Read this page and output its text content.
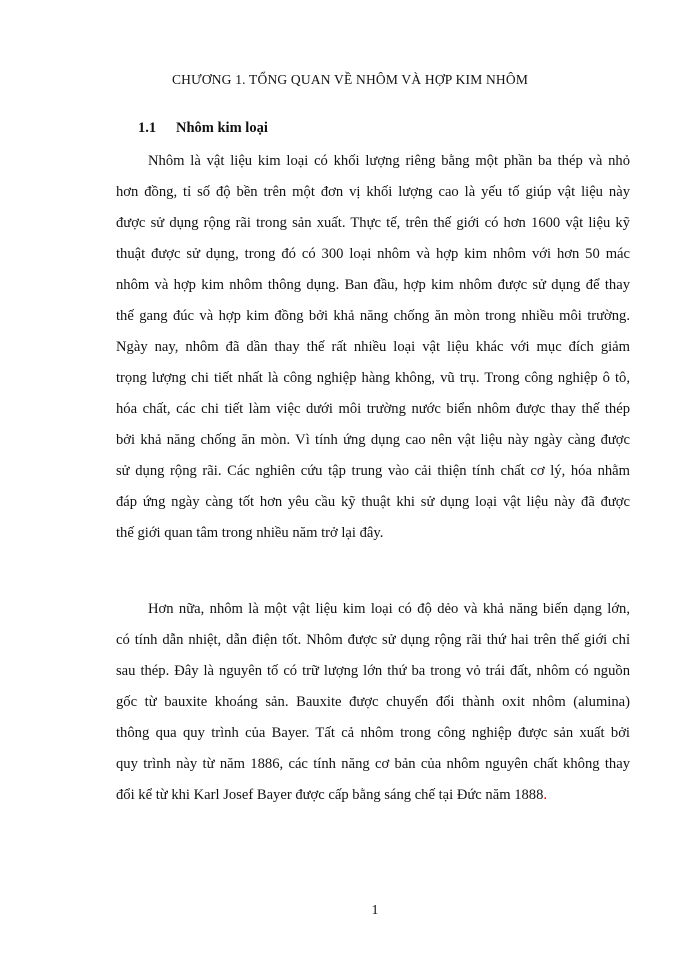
CHƯƠNG 1. TỔNG QUAN VỀ NHÔM VÀ HỢP KIM NHÔM
1.1 Nhôm kim loại
Nhôm là vật liệu kim loại có khối lượng riêng bằng một phần ba thép và nhỏ
hơn đồng, tỉ số độ bền trên một đơn vị khối lượng cao là yếu tố giúp vật liệu này
được sử dụng rộng rãi trong sản xuất. Thực tế, trên thế giới có hơn 1600 vật liệu kỹ
thuật được sử dụng, trong đó có 300 loại nhôm và hợp kim nhôm với hơn 50 mác
nhôm và hợp kim nhôm thông dụng. Ban đầu, hợp kim nhôm được sử dụng để thay
thế gang đúc và hợp kim đồng bởi khả năng chống ăn mòn trong nhiều môi trường.
Ngày nay, nhôm đã dần thay thế rất nhiều loại vật liệu khác với mục đích giảm
trọng lượng chi tiết nhất là công nghiệp hàng không, vũ trụ. Trong công nghiệp ô tô,
hóa chất, các chi tiết làm việc dưới môi trường nước biển nhôm được thay thế thép
bởi khả năng chống ăn mòn. Vì tính ứng dụng cao nên vật liệu này ngày càng được
sử dụng rộng rãi. Các nghiên cứu tập trung vào cải thiện tính chất cơ lý, hóa nhằm
đáp ứng ngày càng tốt hơn yêu cầu kỹ thuật khi sử dụng loại vật liệu này đã được
thế giới quan tâm trong nhiều năm trở lại đây.
Hơn nữa, nhôm là một vật liệu kim loại có độ dẻo và khả năng biến dạng lớn,
có tính dẫn nhiệt, dẫn điện tốt. Nhôm được sử dụng rộng rãi thứ hai trên thế giới chỉ
sau thép. Đây là nguyên tố có trữ lượng lớn thứ ba trong vỏ trái đất, nhôm có nguồn
gốc từ bauxite khoáng sản. Bauxite được chuyển đổi thành oxit nhôm (alumina)
thông qua quy trình của Bayer. Tất cả nhôm trong công nghiệp được sản xuất bởi
quy trình này từ năm 1886, các tính năng cơ bản của nhôm nguyên chất không thay
đổi kể từ khi Karl Josef Bayer được cấp bằng sáng chế tại Đức năm 1888.
1
